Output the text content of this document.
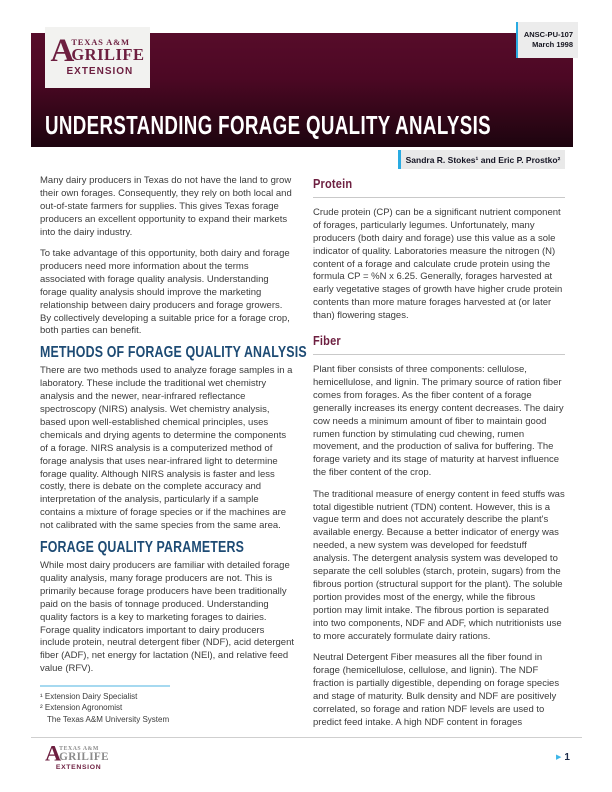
UNDERSTANDING FORAGE QUALITY ANALYSIS
A
TEXAS A&M
GRILIFE
EXTENSION
ANSC-PU-107
March 1998
Sandra R. Stokes¹ and Eric P. Prostko²

Many dairy producers in Texas do not have the land to grow their own forages. Consequently, they rely on both local and out-of-state farmers for supplies. This gives Texas forage producers an excellent opportunity to expand their markets into the dairy industry.

To take advantage of this opportunity, both dairy and forage producers need more information about the terms associated with forage quality analysis. Understanding forage quality analysis should improve the marketing relationship between dairy producers and forage growers. By collectively developing a suitable price for a forage crop, both parties can benefit.

METHODS OF FORAGE QUALITY ANALYSIS

There are two methods used to analyze forage samples in a laboratory. These include the traditional wet chemistry analysis and the newer, near-infrared reflectance spectroscopy (NIRS) analysis. Wet chemistry analysis, based upon well-established chemical principles, uses chemicals and drying agents to determine the components of a forage. NIRS analysis is a computerized method of forage analysis that uses near-infrared light to determine forage quality. Although NIRS analysis is faster and less costly, there is debate on the complete accuracy and interpretation of the analysis, particularly if a sample contains a mixture of forage species or if the machines are not calibrated with the same species from the same area.

FORAGE QUALITY PARAMETERS

While most dairy producers are familiar with detailed forage quality analysis, many forage producers are not. This is primarily because forage producers have been traditionally paid on the basis of tonnage produced. Understanding quality factors is a key to marketing forages to dairies. Forage quality indicators important to dairy producers include protein, neutral detergent fiber (NDF), acid detergent fiber (ADF), net energy for lactation (NEl), and relative feed value (RFV).

¹ Extension Dairy Specialist
² Extension Agronomist
The Texas A&M University System
Protein

Crude protein (CP) can be a significant nutrient component of forages, particularly legumes. Unfortunately, many producers (both dairy and forage) use this value as a sole indicator of quality. Laboratories measure the nitrogen (N) content of a forage and calculate crude protein using the formula CP = %N x 6.25. Generally, forages harvested at early vegetative stages of growth have higher crude protein contents than more mature forages harvested at (or later than) flowering stages.

Fiber

Plant fiber consists of three components: cellulose, hemicellulose, and lignin. The primary source of ration fiber comes from forages. As the fiber content of a forage generally increases its energy content decreases. The dairy cow needs a minimum amount of fiber to maintain good rumen function by stimulating cud chewing, rumen movement, and the production of saliva for buffering. The forage variety and its stage of maturity at harvest influence the fiber content of the crop.

The traditional measure of energy content in feed stuffs was total digestible nutrient (TDN) content. However, this is a vague term and does not accurately describe the plant's available energy. Because a better indicator of energy was needed, a new system was developed for feedstuff analysis. The detergent analysis system was developed to separate the cell solubles (starch, protein, sugars) from the fibrous portion (structural support for the plant). The soluble portion provides most of the energy, while the fibrous portion may limit intake. The fibrous portion is separated into two components, NDF and ADF, which nutritionists use to more accurately formulate dairy rations.

Neutral Detergent Fiber measures all the fiber found in forage (hemicellulose, cellulose, and lignin). The NDF fraction is partially digestible, depending on forage species and stage of maturity. Bulk density and NDF are positively correlated, so forage and ration NDF levels are used to predict feed intake. A high NDF content in forages

A
TEXAS A&M
GRILIFE
EXTENSION
▶ 1
